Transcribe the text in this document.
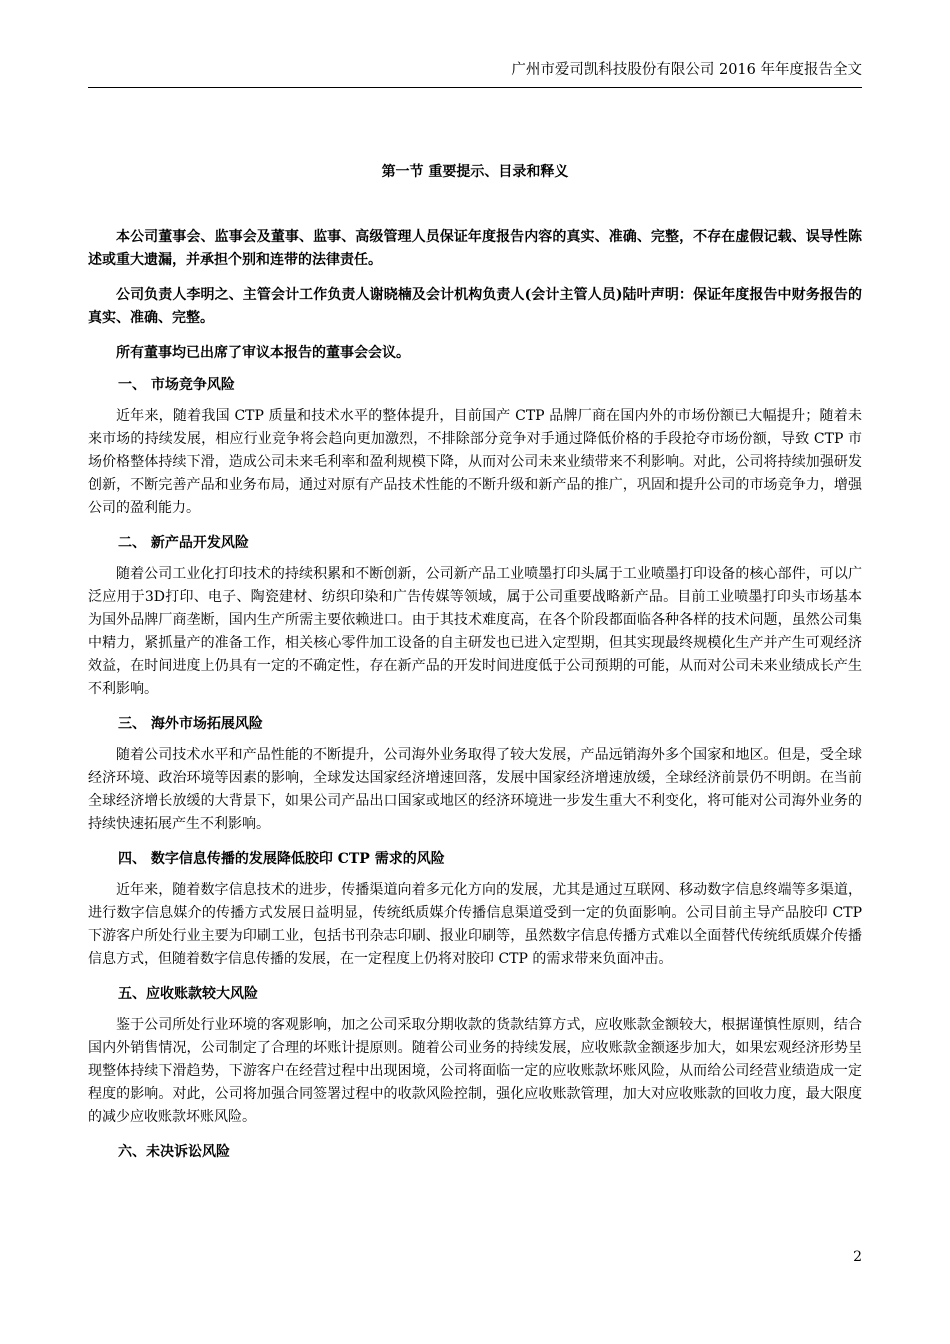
广州市爱司凯科技股份有限公司 2016 年年度报告全文
第一节 重要提示、目录和释义

本公司董事会、监事会及董事、监事、高级管理人员保证年度报告内容的真实、准确、完整，不存在虚假记载、误导性陈述或重大遗漏，并承担个别和连带的法律责任。

公司负责人李明之、主管会计工作负责人谢晓楠及会计机构负责人(会计主管人员)陆叶声明：保证年度报告中财务报告的真实、准确、完整。

所有董事均已出席了审议本报告的董事会会议。

一、 市场竞争风险

近年来，随着我国 CTP 质量和技术水平的整体提升，目前国产 CTP 品牌厂商在国内外的市场份额已大幅提升；随着未来市场的持续发展，相应行业竞争将会趋向更加激烈，不排除部分竞争对手通过降低价格的手段抢夺市场份额，导致 CTP 市场价格整体持续下滑，造成公司未来毛利率和盈利规模下降，从而对公司未来业绩带来不利影响。对此，公司将持续加强研发创新，不断完善产品和业务布局，通过对原有产品技术性能的不断升级和新产品的推广，巩固和提升公司的市场竞争力，增强公司的盈利能力。

二、 新产品开发风险

随着公司工业化打印技术的持续积累和不断创新，公司新产品工业喷墨打印头属于工业喷墨打印设备的核心部件，可以广泛应用于3D打印、电子、陶瓷建材、纺织印染和广告传媒等领域，属于公司重要战略新产品。目前工业喷墨打印头市场基本为国外品牌厂商垄断，国内生产所需主要依赖进口。由于其技术难度高，在各个阶段都面临各种各样的技术问题，虽然公司集中精力，紧抓量产的准备工作，相关核心零件加工设备的自主研发也已进入定型期，但其实现最终规模化生产并产生可观经济效益，在时间进度上仍具有一定的不确定性，存在新产品的开发时间进度低于公司预期的可能，从而对公司未来业绩成长产生不利影响。

三、 海外市场拓展风险

随着公司技术水平和产品性能的不断提升，公司海外业务取得了较大发展，产品远销海外多个国家和地区。但是，受全球经济环境、政治环境等因素的影响，全球发达国家经济增速回落，发展中国家经济增速放缓，全球经济前景仍不明朗。在当前全球经济增长放缓的大背景下，如果公司产品出口国家或地区的经济环境进一步发生重大不利变化，将可能对公司海外业务的持续快速拓展产生不利影响。

四、 数字信息传播的发展降低胶印 CTP 需求的风险

近年来，随着数字信息技术的进步，传播渠道向着多元化方向的发展，尤其是通过互联网、移动数字信息终端等多渠道，进行数字信息媒介的传播方式发展日益明显，传统纸质媒介传播信息渠道受到一定的负面影响。公司目前主导产品胶印 CTP 下游客户所处行业主要为印刷工业，包括书刊杂志印刷、报业印刷等，虽然数字信息传播方式难以全面替代传统纸质媒介传播信息方式，但随着数字信息传播的发展，在一定程度上仍将对胶印 CTP 的需求带来负面冲击。

五、应收账款较大风险

鉴于公司所处行业环境的客观影响，加之公司采取分期收款的货款结算方式，应收账款金额较大，根据谨慎性原则，结合国内外销售情况，公司制定了合理的坏账计提原则。随着公司业务的持续发展，应收账款金额逐步加大，如果宏观经济形势呈现整体持续下滑趋势，下游客户在经营过程中出现困境，公司将面临一定的应收账款坏账风险，从而给公司经营业绩造成一定程度的影响。对此，公司将加强合同签署过程中的收款风险控制，强化应收账款管理，加大对应收账款的回收力度，最大限度的减少应收账款坏账风险。

六、未决诉讼风险

2
